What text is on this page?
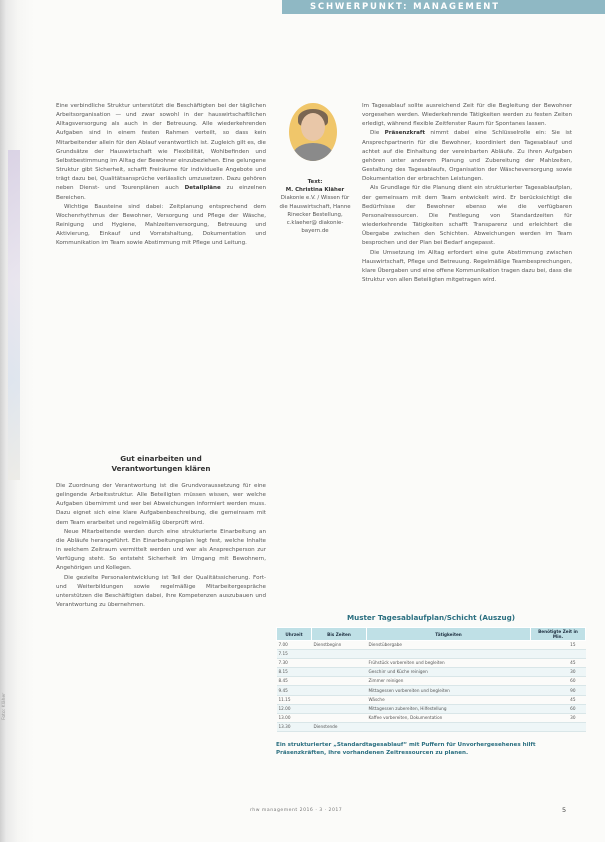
Foto: Kläher
SCHWERPUNKT: MANAGEMENT

Eine verbindliche Struktur unterstützt die Beschäftigten bei der täglichen Arbeitsorganisation — und zwar sowohl in der hauswirtschaftlichen Alltagsversorgung als auch in der Betreuung. Alle wiederkehrenden Aufgaben sind in einem festen Rahmen verteilt, so dass kein Mitarbeitender allein für den Ablauf verantwortlich ist. Zugleich gilt es, die Grundsätze der Hauswirtschaft wie Flexibilität, Wohlbefinden und Selbstbestimmung im Alltag der Bewohner einzubeziehen. Eine gelungene Struktur gibt Sicherheit, schafft Freiräume für individuelle Angebote und trägt dazu bei, Qualitätsansprüche verlässlich umzusetzen. Dazu gehören neben Dienst- und Tourenplänen auch Detailpläne zu einzelnen Bereichen.

Wichtige Bausteine sind dabei: Zeitplanung entsprechend dem Wochenrhythmus der Bewohner, Versorgung und Pflege der Wäsche, Reinigung und Hygiene, Mahlzeitenversorgung, Betreuung und Aktivierung, Einkauf und Vorratshaltung, Dokumentation und Kommunikation im Team sowie Abstimmung mit Pflege und Leitung.

Gut einarbeiten und
Verantwortungen klären

Die Zuordnung der Verantwortung ist die Grundvoraussetzung für eine gelingende Arbeitsstruktur. Alle Beteiligten müssen wissen, wer welche Aufgaben übernimmt und wer bei Abweichungen informiert werden muss. Dazu eignet sich eine klare Aufgabenbeschreibung, die gemeinsam mit dem Team erarbeitet und regelmäßig überprüft wird.

Neue Mitarbeitende werden durch eine strukturierte Einarbeitung an die Abläufe herangeführt. Ein Einarbeitungsplan legt fest, welche Inhalte in welchem Zeitraum vermittelt werden und wer als Ansprechperson zur Verfügung steht. So entsteht Sicherheit im Umgang mit Bewohnern, Angehörigen und Kollegen.

Die gezielte Personalentwicklung ist Teil der Qualitätssicherung. Fort- und Weiterbildungen sowie regelmäßige Mitarbeitergespräche unterstützen die Beschäftigten dabei, ihre Kompetenzen auszubauen und Verantwortung zu übernehmen.

Text:
M. Christina Kläher
Diakonie e.V. / Wissen für die Hauswirtschaft, Hanne Rinecker Bestellung, c.klaeher@ diakonie-bayern.de

Im Tagesablauf sollte ausreichend Zeit für die Begleitung der Bewohner vorgesehen werden. Wiederkehrende Tätigkeiten werden zu festen Zeiten erledigt, während flexible Zeitfenster Raum für Spontanes lassen.

Die Präsenzkraft nimmt dabei eine Schlüsselrolle ein: Sie ist Ansprechpartnerin für die Bewohner, koordiniert den Tagesablauf und achtet auf die Einhaltung der vereinbarten Abläufe. Zu ihren Aufgaben gehören unter anderem Planung und Zubereitung der Mahlzeiten, Gestaltung des Tagesablaufs, Organisation der Wäscheversorgung sowie Dokumentation der erbrachten Leistungen.

Als Grundlage für die Planung dient ein strukturierter Tagesablaufplan, der gemeinsam mit dem Team entwickelt wird. Er berücksichtigt die Bedürfnisse der Bewohner ebenso wie die verfügbaren Personalressourcen. Die Festlegung von Standardzeiten für wiederkehrende Tätigkeiten schafft Transparenz und erleichtert die Übergabe zwischen den Schichten. Abweichungen werden im Team besprochen und der Plan bei Bedarf angepasst.

Die Umsetzung im Alltag erfordert eine gute Abstimmung zwischen Hauswirtschaft, Pflege und Betreuung. Regelmäßige Teambesprechungen, klare Übergaben und eine offene Kommunikation tragen dazu bei, dass die Struktur von allen Beteiligten mitgetragen wird.

Muster Tagesablaufplan/Schicht (Auszug)
Uhrzeit	Bis Zeiten	Tätigkeiten	Benötigte Zeit in Min.
7.00	Dienstbeginn	Dienstübergabe	15
7.15			
7.30		Frühstück vorbereiten und begleiten	45
8.15		Geschirr und Küche reinigen	30
8.45		Zimmer reinigen	60
9.45		Mittagessen vorbereiten und begleiten	90
11.15		Wäsche	45
12.00		Mittagessen zubereiten, Hilfestellung	60
13.00		Kaffee vorbereiten, Dokumentation	30
13.30	Dienstende		
Ein strukturierter „Standardtagesablauf“ mit Puffern für Unvorhergesehenes hilft Präsenzkräften, ihre vorhandenen Zeitressourcen zu planen.
rhw management 2016 · 3 · 2017	5
